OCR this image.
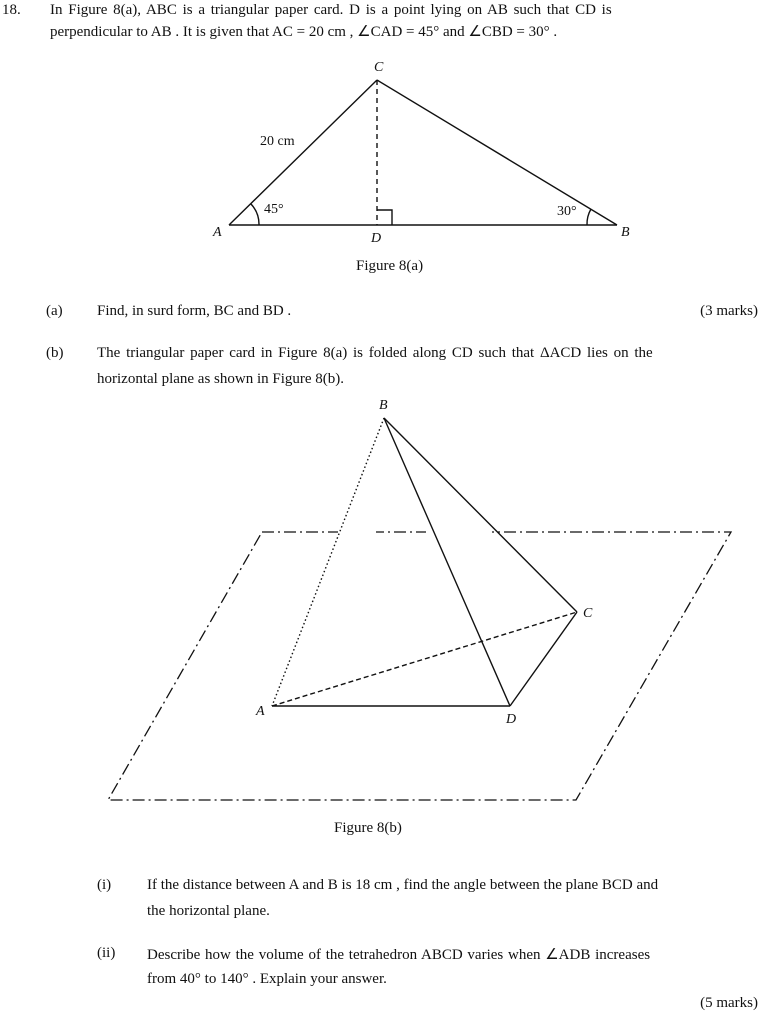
18. In Figure 8(a), ABC is a triangular paper card. D is a point lying on AB such that CD is
perpendicular to AB . It is given that AC = 20 cm , ∠CAD = 45° and ∠CBD = 30° .
C
20 cm
45°	30°
A	D	B
Figure 8(a)
(a) Find, in surd form, BC and BD .	(3 marks)
(b) The triangular paper card in Figure 8(a) is folded along CD such that ΔACD lies on the
horizontal plane as shown in Figure 8(b).
B
C
A
D
Figure 8(b)
(i) If the distance between A and B is 18 cm , find the angle between the plane BCD and
the horizontal plane.
(ii) Describe how the volume of the tetrahedron ABCD varies when ∠ADB increases
from 40° to 140° . Explain your answer.
(5 marks)
